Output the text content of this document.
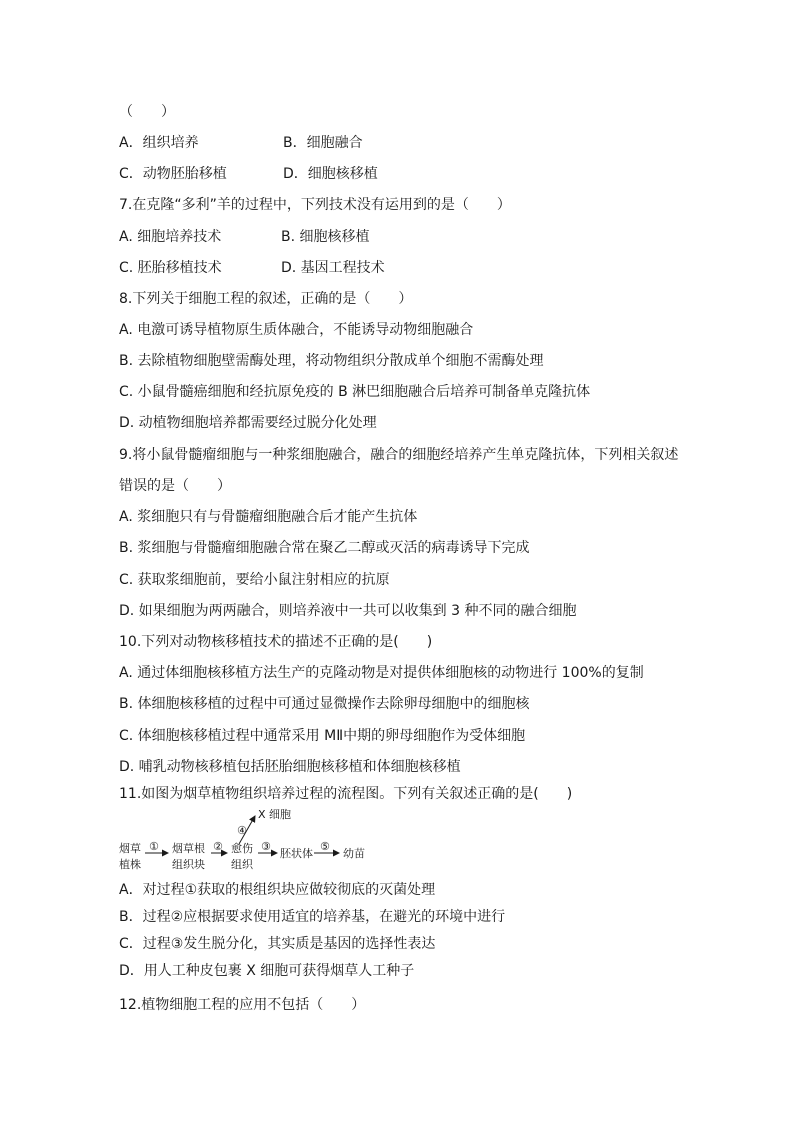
（　　）
A．组织培养	B．细胞融合
C．动物胚胎移植	D．细胞核移植
7.在克隆“多利”羊的过程中，下列技术没有运用到的是（　　）
A. 细胞培养技术	B. 细胞核移植
C. 胚胎移植技术	D. 基因工程技术
8.下列关于细胞工程的叙述，正确的是（　　）
A. 电激可诱导植物原生质体融合，不能诱导动物细胞融合
B. 去除植物细胞壁需酶处理，将动物组织分散成单个细胞不需酶处理
C. 小鼠骨髓癌细胞和经抗原免疫的 B 淋巴细胞融合后培养可制备单克隆抗体
D. 动植物细胞培养都需要经过脱分化处理
9.将小鼠骨髓瘤细胞与一种浆细胞融合，融合的细胞经培养产生单克隆抗体，下列相关叙述
错误的是（　　）
A. 浆细胞只有与骨髓瘤细胞融合后才能产生抗体
B. 浆细胞与骨髓瘤细胞融合常在聚乙二醇或灭活的病毒诱导下完成
C. 获取浆细胞前，要给小鼠注射相应的抗原
D. 如果细胞为两两融合，则培养液中一共可以收集到 3 种不同的融合细胞
10.下列对动物核移植技术的描述不正确的是(　　)
A. 通过体细胞核移植方法生产的克隆动物是对提供体细胞核的动物进行 100%的复制
B. 体细胞核移植的过程中可通过显微操作去除卵母细胞中的细胞核
C. 体细胞核移植过程中通常采用 MⅡ中期的卵母细胞作为受体细胞
D. 哺乳动物核移植包括胚胎细胞核移植和体细胞核移植
11.如图为烟草植物组织培养过程的流程图。下列有关叙述正确的是(　　)
X 细胞
④
烟草
植株
① 烟草根
组织块
② 愈伤
组织
③
胚状体
⑤
幼苗
A．对过程①获取的根组织块应做较彻底的灭菌处理
B．过程②应根据要求使用适宜的培养基，在避光的环境中进行
C．过程③发生脱分化，其实质是基因的选择性表达
D．用人工种皮包裹 X 细胞可获得烟草人工种子
12.植物细胞工程的应用不包括（　　）
